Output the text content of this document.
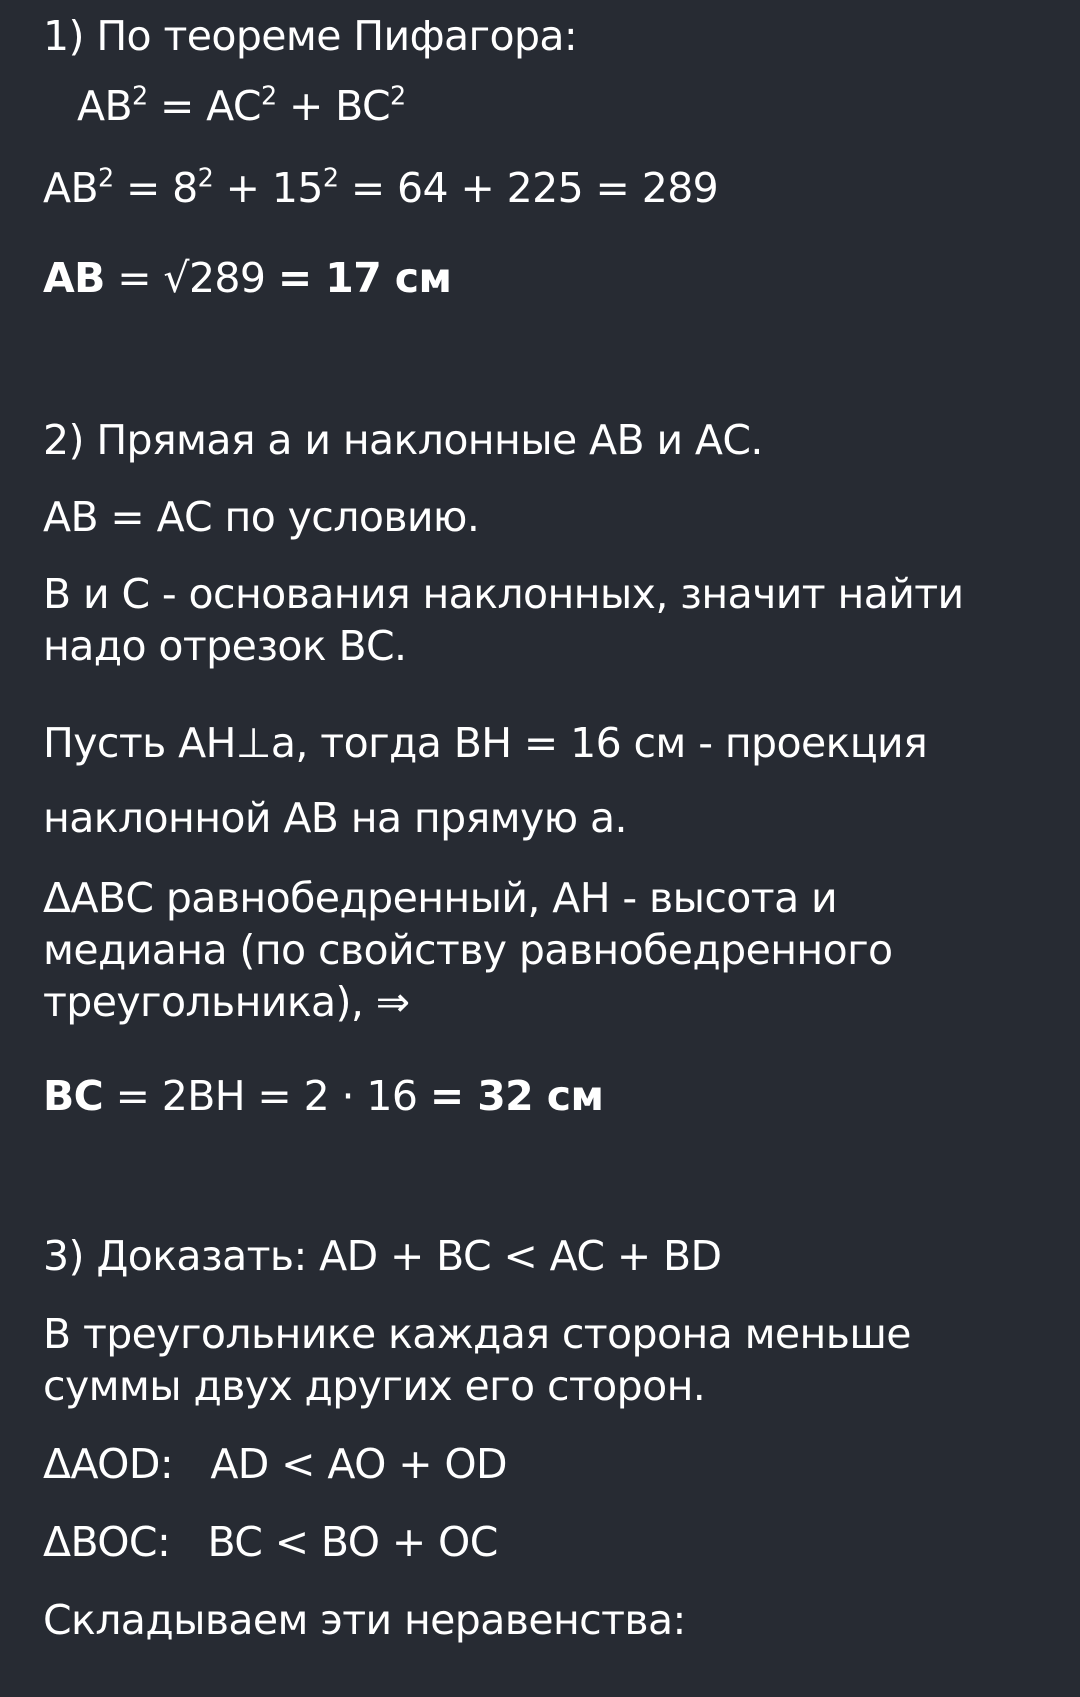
1) По теореме Пифагора:
$AB^2 = AC^2 + BC^2$
$AB^2 = 8^2 + 15^2 = 64 + 225 = 289$
AB = √289 = 17 см
2) Прямая а и наклонные АВ и АС.
АВ = АС по условию.
В и С - основания наклонных, значит найти
надо отрезок ВС.
Пусть AH⊥a, тогда ВН = 16 см - проекция
наклонной АВ на прямую а.
ΔАВС равнобедренный, АН - высота и
медиана (по свойству равнобедренного
треугольника), ⇒
ВС = 2ВН = 2 · 16 = 32 см
3) Доказать: AD + BC < AC + BD
В треугольнике каждая сторона меньше
суммы двух других его сторон.
ΔAOD:   AD < AO + OD
ΔBOC:   BC < BO + OC
Складываем эти неравенства:
